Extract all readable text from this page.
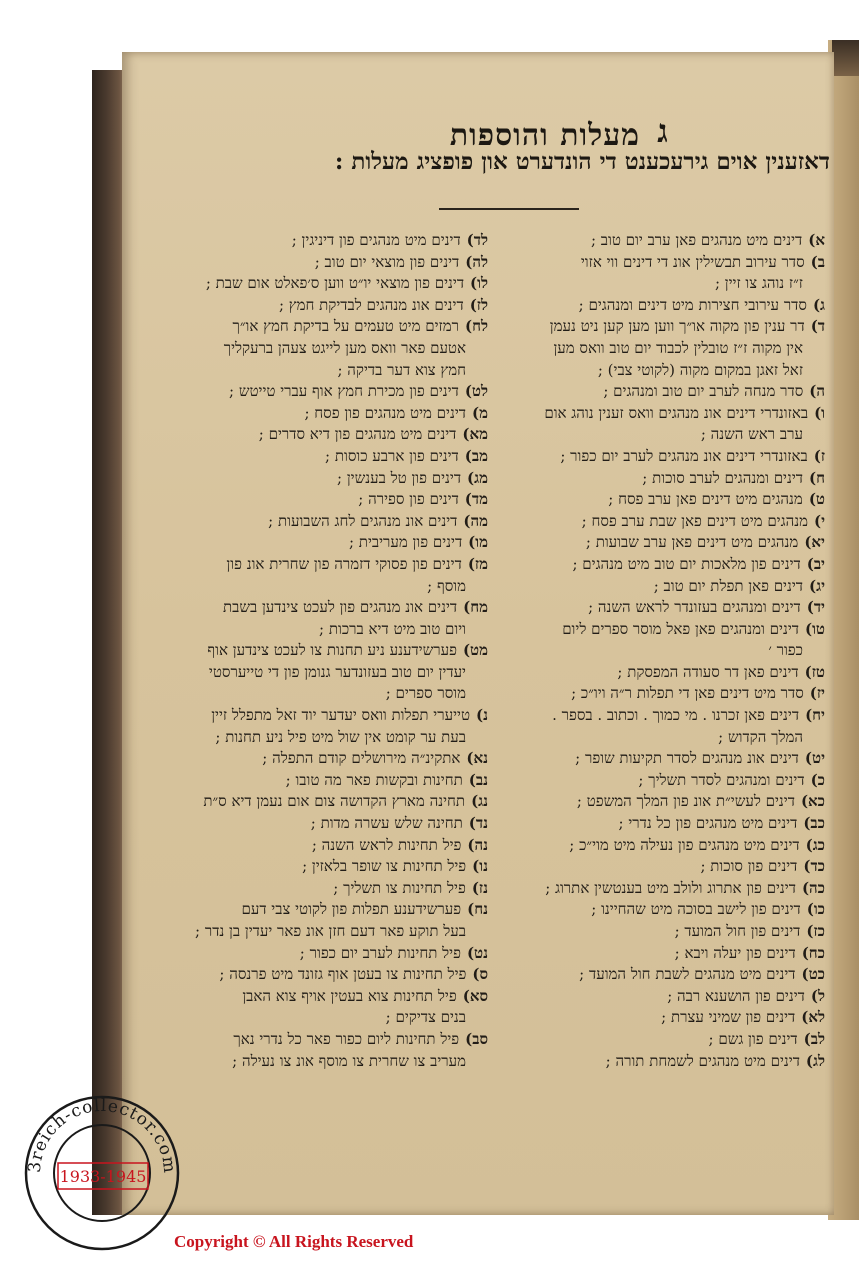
מעלות והוספות ג
דאזענין אוים גירעכענט די הונדערט און פופציג מעלות :
א)דינים מיט מנהגים פאן ערב יום טוב ;
ב)סדר עירוב תבשילין אונ די דינים ווי אזוי
ז״ז נוהג צו זיין ;
ג)סדר עירובי חצירות מיט דינים ומנהגים ;
ד)דר ענין פון מקוה או״ך ווען מען קען ניט נעמן
אין מקוה ז״ז טובלין לכבוד יום טוב וואס מען
זאל זאגן במקום מקוה (לקוטי צבי) ;
ה)סדר מנחה לערב יום טוב ומנהגים ;
ו)באזונדרי דינים אונ מנהגים וואס זענין נוהג אום
ערב ראש השנה ;
ז)באזונדרי דינים אונ מנהגים לערב יום כפור ;
ח)דינים ומנהגים לערב סוכות ;
ט)מנהגים מיט דינים פאן ערב פסח ;
י)מנהגים מיט דינים פאן שבת ערב פסח ;
יא)מנהגים מיט דינים פאן ערב שבועות ;
יב)דינים פון מלאכות יום טוב מיט מנהגים ;
יג)דינים פאן תפלת יום טוב ;
יד)דינים ומנהגים בעזונדר לראש השנה ;
טו)דינים ומנהגים פאן פאל מוסר ספרים ליום
כפור ׳
טז)דינים פאן דר סעודה המפסקת ;
יז)סדר מיט דינים פאן די תפלות ר״ה ויו״כ ;
יח)דינים פאן זכרנו . מי כמוך . וכתוב . בספר .
המלך הקדוש ;
יט)דינים אונ מנהגים לסדר תקיעות שופר ;
כ)דינים ומנהגים לסדר תשליך ;
כא)דינים לעשי״ת אונ פון המלך המשפט ;
כב)דינים מיט מנהגים פון כל נדרי ;
כג)דינים מיט מנהגים פון נעילה מיט מוי״כ ;
כד)דינים פון סוכות ;
כה)דינים פון אתרוג ולולב מיט בענטשין אתרוג ;
כו)דינים פון לישב בסוכה מיט שהחיינו ;
כז)דינים פון חול המועד ;
כח)דינים פון יעלה ויבא ;
כט)דינים מיט מנהגים לשבת חול המועד ;
ל)דינים פון הושענא רבה ;
לא)דינים פון שמיני עצרת ;
לב)דינים פון גשם ;
לג)דינים מיט מנהגים לשמחת תורה ;
לד)דינים מיט מנהגים פון דיניגין ;
לה)דינים פון מוצאי יום טוב ;
לו)דינים פון מוצאי יו״ט ווען ס׳פאלט אום שבת ;
לז)דינים אונ מנהגים לבדיקת חמץ ;
לח)רמזים מיט טעמים על בדיקת חמץ או״ך
אטעם פאר וואס מען לייגט צעהן ברעקליך
חמץ צוא דער בדיקה ;
לט)דינים פון מכירת חמץ אוף עברי טייטש ;
מ)דינים מיט מנהגים פון פסח ;
מא)דינים מיט מנהגים פון דיא סדרים ;
מב)דינים פון ארבע כוסות ;
מג)דינים פון טל בענשין ;
מד)דינים פון ספירה ;
מה)דינים אונ מנהגים לחג השבועות ;
מו)דינים פון מעריבית ;
מז)דינים פון פסוקי דזמרה פון שחרית אונ פון
מוסף ;
מח)דינים אונ מנהגים פון לעכט צינדען בשבת
ויום טוב מיט דיא ברכות ;
מט)פערשידענע ניע תחנות צו לעכט צינדען אוף
יעדין יום טוב בעזונדער גנומן פון די טייערסטי
מוסר ספרים ;
נ)טייערי תפלות וואס יעדער יוד זאל מתפלל זיין
בעת ער קומט אין שול מיט פיל ניע תחנות ;
נא)אתקינ״ה מירושלים קודם התפלה ;
נב)תחינות ובקשות פאר מה טובו ;
נג)תחינה מארץ הקדושה צום אום נעמן דיא ס״ת
נד)תחינה שלש עשרה מדות ;
נה)פיל תחינות לראש השנה ;
נו)פיל תחינות צו שופר בלאזין ;
נז)פיל תחינות צו תשליך ;
נח)פערשידענע תפלות פון לקוטי צבי דעם
בעל תוקע פאר דעם חזן אונ פאר יעדין בן נדר ;
נט)פיל תחינות לערב יום כפור ;
ס)פיל תחינות צו בעטן אוף גזונד מיט פרנסה ;
סא)פיל תחינות צוא בעטין אויף צוא האבן
בנים צדיקים ;
סב)פיל תחינות ליום כפור פאר כל נדרי נאך
מעריב צו שחרית צו מוסף אונ צו נעילה ;
3reich-collector.com
1933-1945
Copyright © All Rights Reserved
